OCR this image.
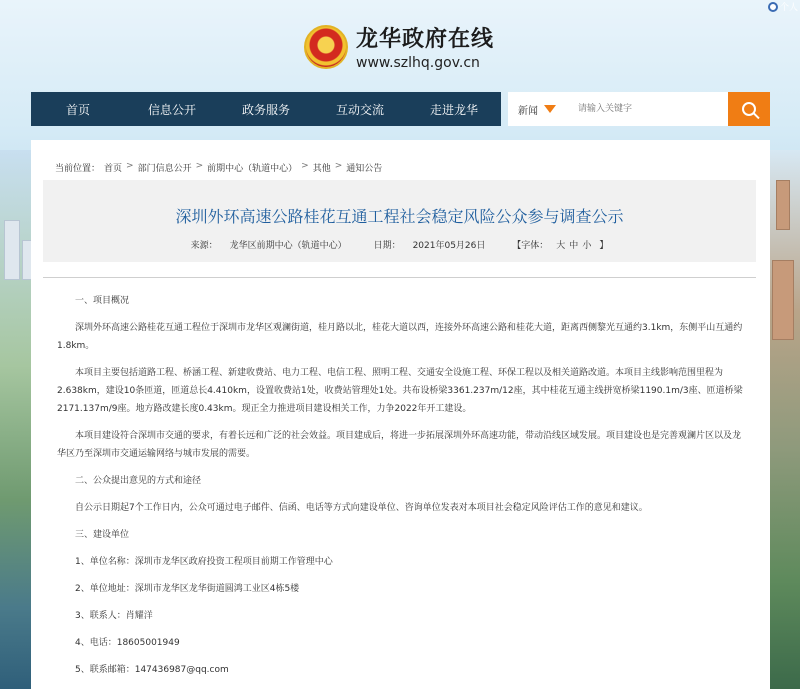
个人
龙华政府在线
www.szlhq.gov.cn
首页	信息公开	政务服务	互动交流	走进龙华	新闻
请输入关键字
当前位置： 首页 > 部门信息公开 > 前期中心（轨道中心） > 其他 > 通知公告
深圳外环高速公路桂花互通工程社会稳定风险公众参与调查公示
来源： 龙华区前期中心（轨道中心）	日期： 2021年05月26日	【字体： 大 中 小 】

一、项目概况

深圳外环高速公路桂花互通工程位于深圳市龙华区观澜街道，桂月路以北，桂花大道以西，连接外环高速公路和桂花大道，距离西侧黎光互通约3.1km，东侧平山互通约1.8km。

本项目主要包括道路工程、桥涵工程、新建收费站、电力工程、电信工程、照明工程、交通安全设施工程、环保工程以及相关道路改道。本项目主线影响范围里程为2.638km，建设10条匝道，匝道总长4.410km，设置收费站1处，收费站管理处1处。共布设桥梁3361.237m/12座，其中桂花互通主线拼宽桥梁1190.1m/3座、匝道桥梁2171.137m/9座。地方路改建长度0.43km。现正全力推进项目建设相关工作，力争2022年开工建设。

本项目建设符合深圳市交通的要求，有着长远和广泛的社会效益。项目建成后，将进一步拓展深圳外环高速功能，带动沿线区域发展。项目建设也是完善观澜片区以及龙华区乃至深圳市交通运输网络与城市发展的需要。

二、公众提出意见的方式和途径

自公示日期起7个工作日内，公众可通过电子邮件、信函、电话等方式向建设单位、咨询单位发表对本项目社会稳定风险评估工作的意见和建议。

三、建设单位

1、单位名称：深圳市龙华区政府投资工程项目前期工作管理中心

2、单位地址：深圳市龙华区龙华街道圆鸿工业区4栋5楼

3、联系人：肖耀洋

4、电话：18605001949

5、联系邮箱：147436987@qq.com
